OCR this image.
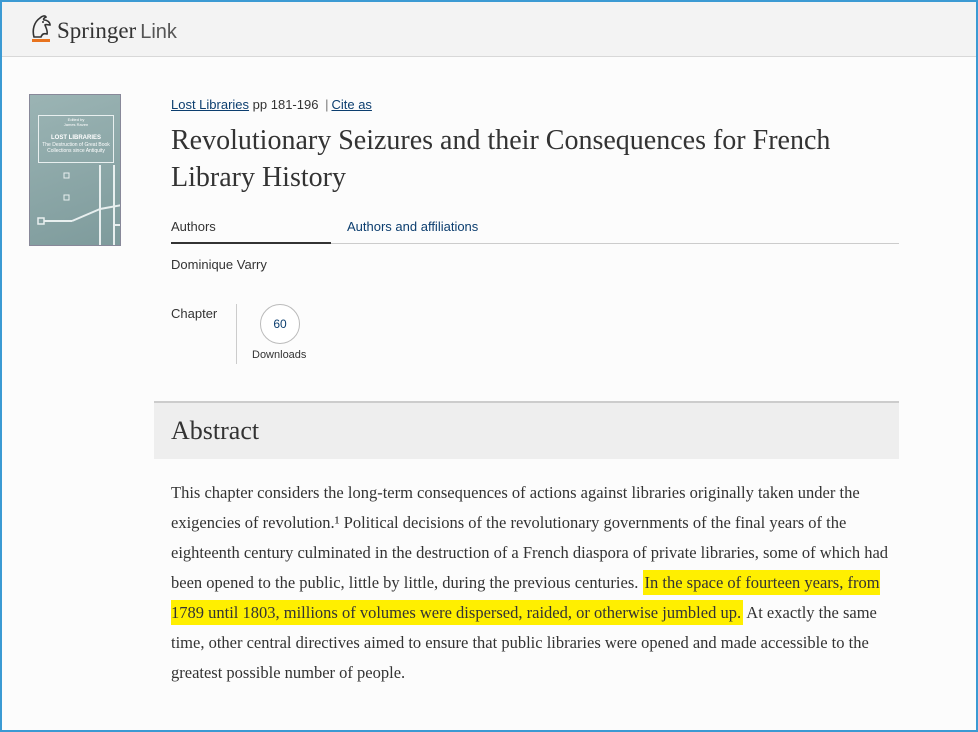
Springer Link
Edited by
James Raven
LOST LIBRARIES
The Destruction of Great Book Collections since Antiquity
Lost Libraries pp 181-196 | Cite as
Revolutionary Seizures and their Consequences for French Library History
Authors	Authors and affiliations
Dominique Varry
Chapter
60
Downloads
Abstract

This chapter considers the long-term consequences of actions against libraries originally taken under the exigencies of revolution.¹ Political decisions of the revolutionary governments of the final years of the eighteenth century culminated in the destruction of a French diaspora of private libraries, some of which had been opened to the public, little by little, during the previous centuries. In the space of fourteen years, from 1789 until 1803, millions of volumes were dispersed, raided, or otherwise jumbled up. At exactly the same time, other central directives aimed to ensure that public libraries were opened and made accessible to the greatest possible number of people.
